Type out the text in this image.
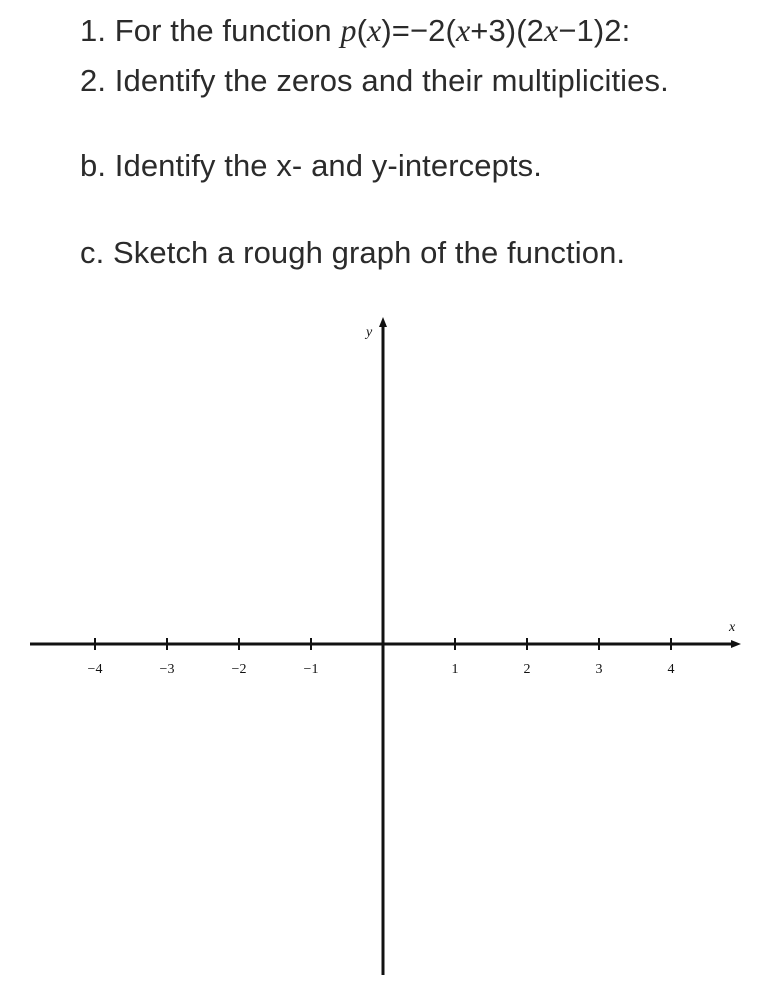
1. For the function p(x)=−2(x+3)(2x−1)2:
2. Identify the zeros and their multiplicities.
b. Identify the x- and y-intercepts.
c. Sketch a rough graph of the function.
x
y
−4	−3	−2	−1	1	2	3	4
